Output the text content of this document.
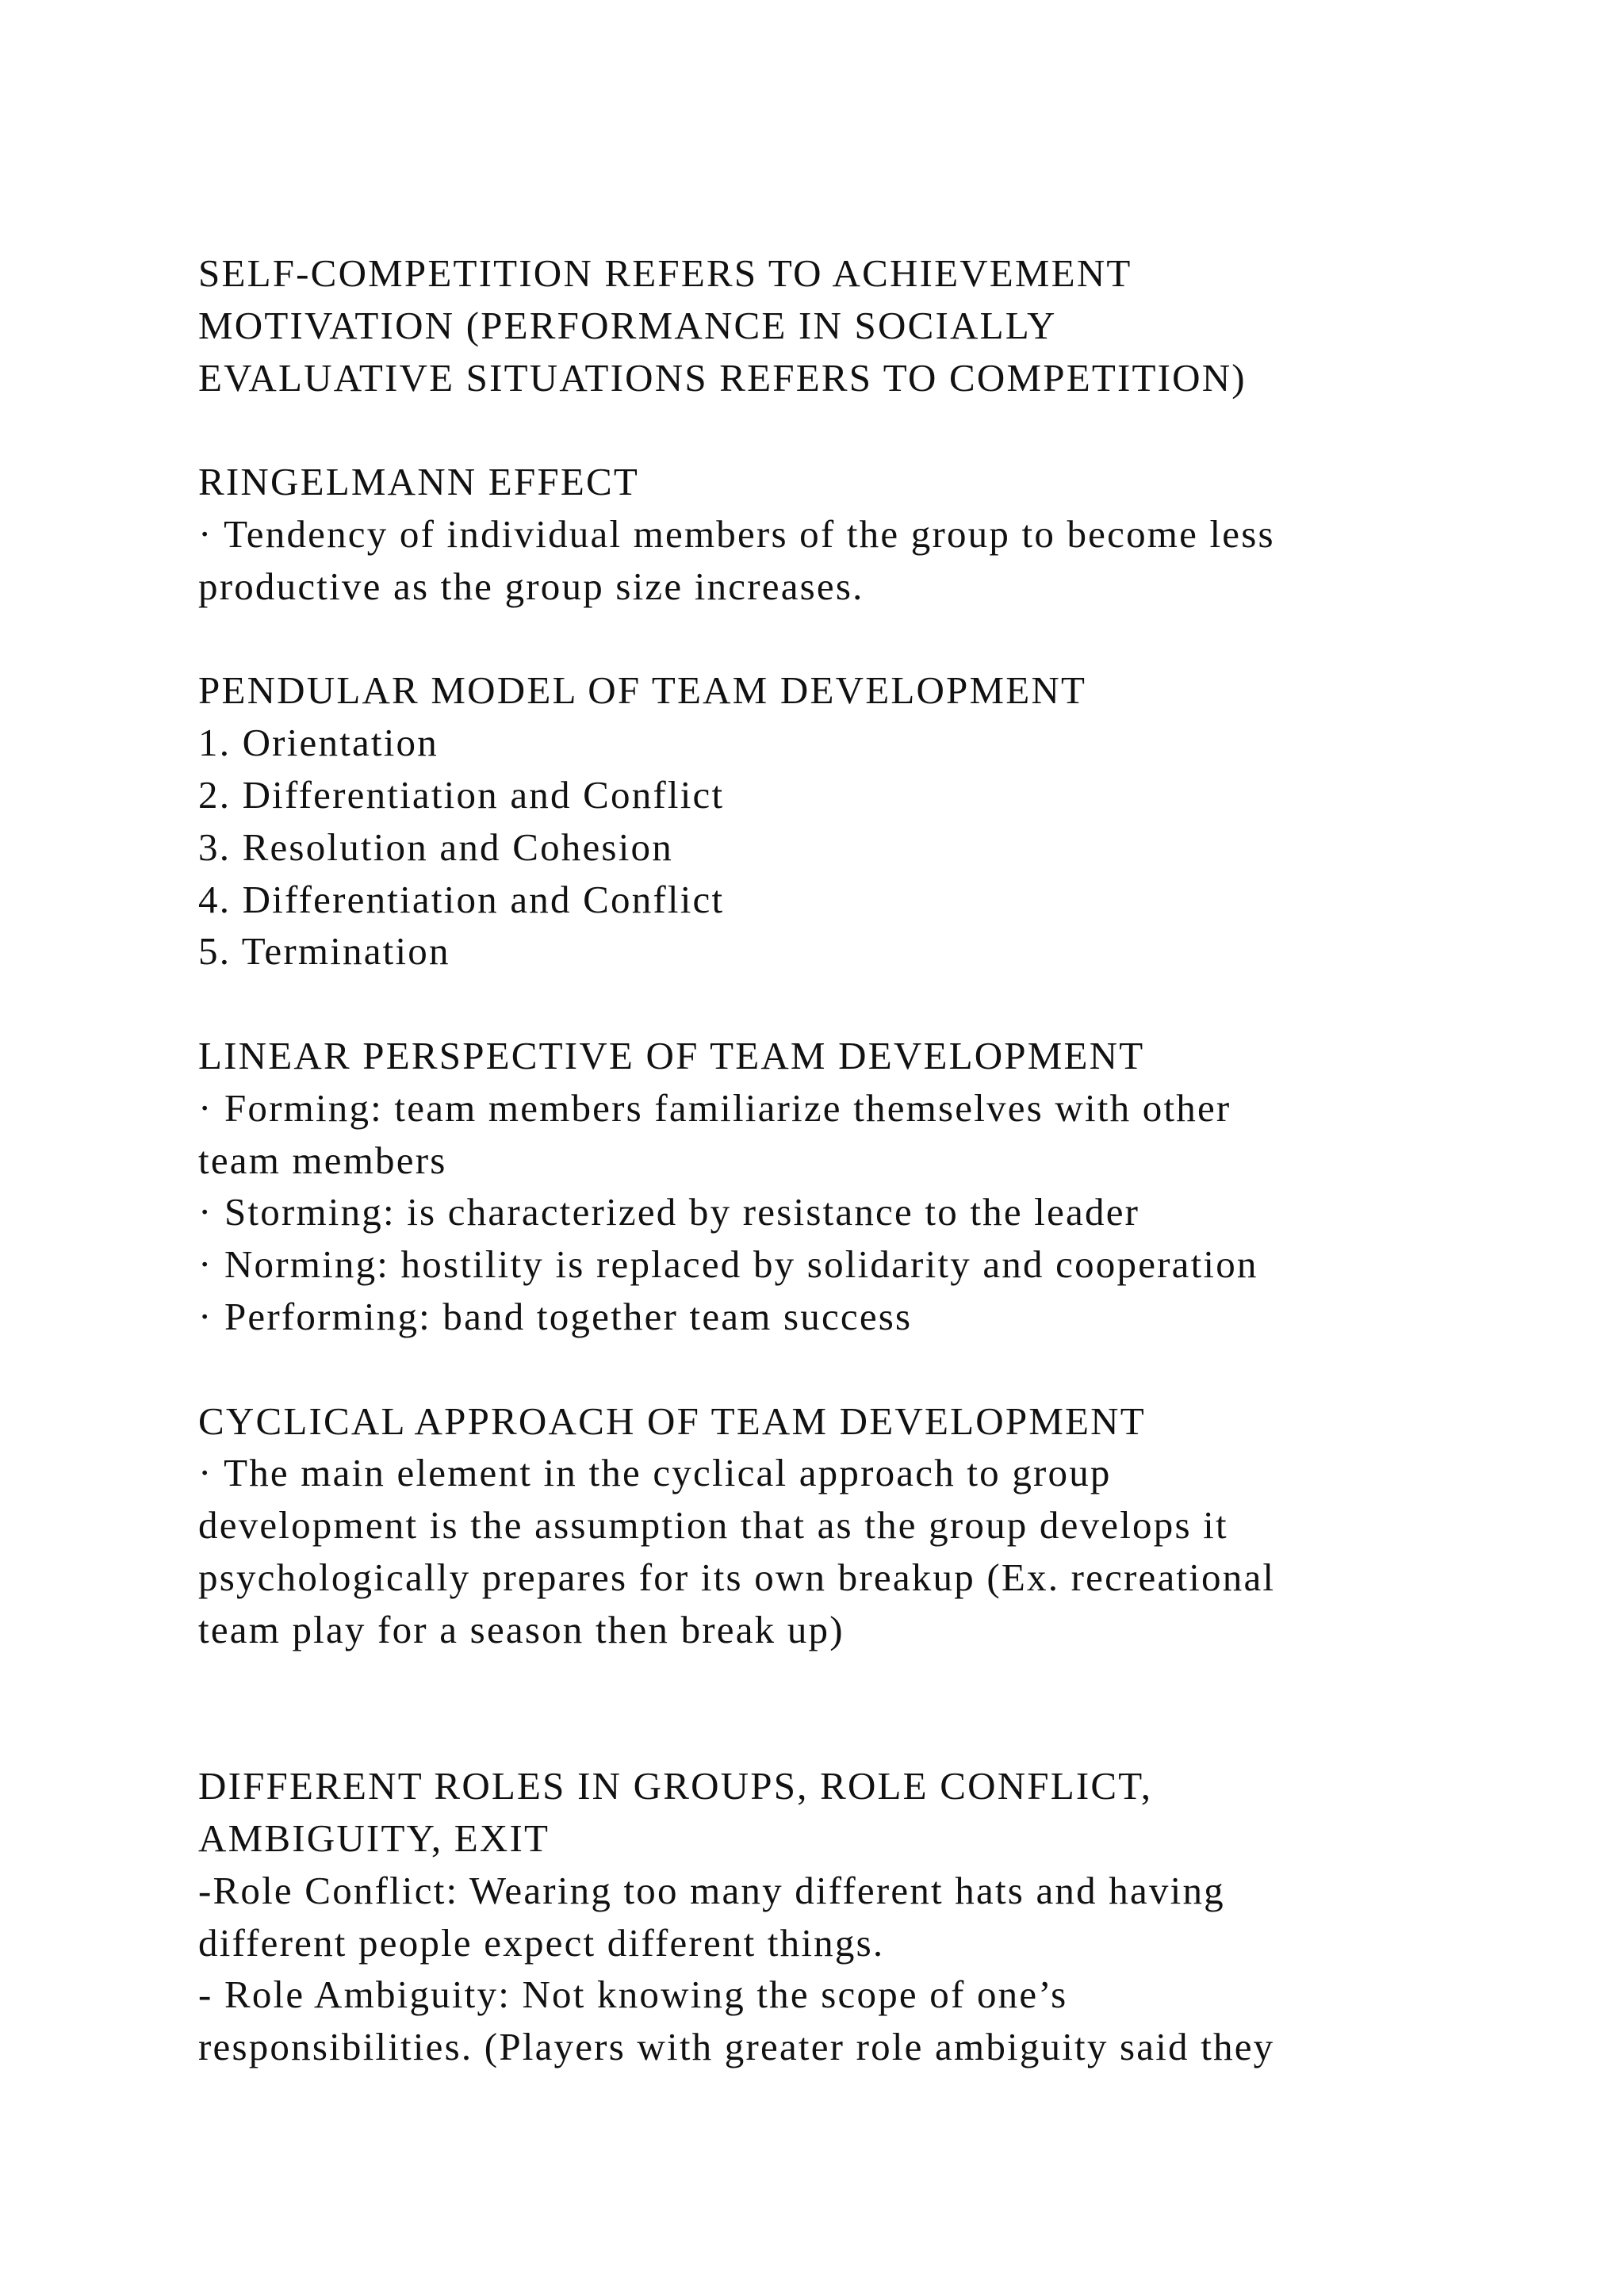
SELF-COMPETITION REFERS TO ACHIEVEMENT
MOTIVATION (PERFORMANCE IN SOCIALLY
EVALUATIVE SITUATIONS REFERS TO COMPETITION)
RINGELMANN EFFECT
· Tendency of individual members of the group to become less
productive as the group size increases.
PENDULAR MODEL OF TEAM DEVELOPMENT
1. Orientation
2. Differentiation and Conflict
3. Resolution and Cohesion
4. Differentiation and Conflict
5. Termination
LINEAR PERSPECTIVE OF TEAM DEVELOPMENT
· Forming: team members familiarize themselves with other
team members
· Storming: is characterized by resistance to the leader
· Norming: hostility is replaced by solidarity and cooperation
· Performing: band together team success
CYCLICAL APPROACH OF TEAM DEVELOPMENT
· The main element in the cyclical approach to group
development is the assumption that as the group develops it
psychologically prepares for its own breakup (Ex. recreational
team play for a season then break up)
DIFFERENT ROLES IN GROUPS, ROLE CONFLICT,
AMBIGUITY, EXIT
-Role Conflict: Wearing too many different hats and having
different people expect different things.
- Role Ambiguity: Not knowing the scope of one’s
responsibilities. (Players with greater role ambiguity said they
